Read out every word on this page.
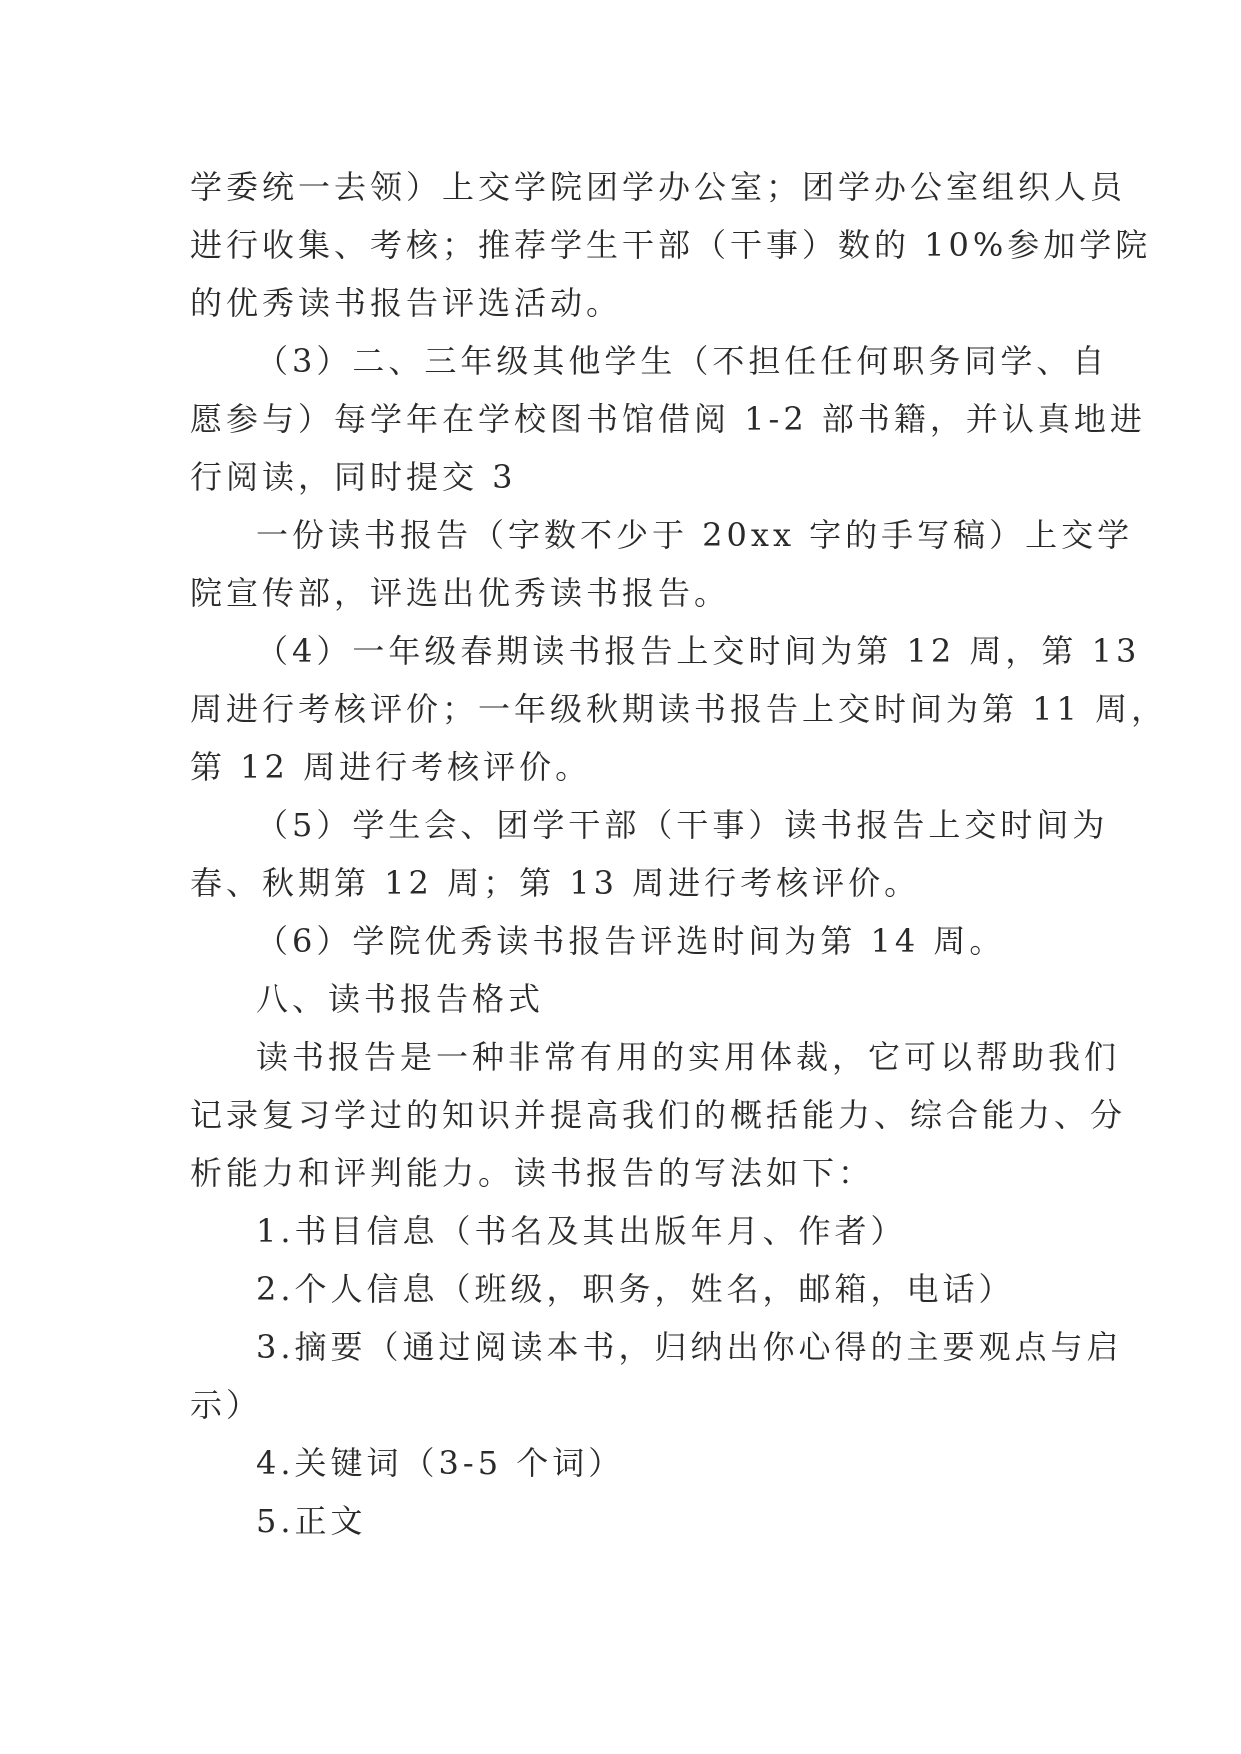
学委统一去领）上交学院团学办公室；团学办公室组织人员
进行收集、考核；推荐学生干部（干事）数的 10%参加学院
的优秀读书报告评选活动。
（3）二、三年级其他学生（不担任任何职务同学、自
愿参与）每学年在学校图书馆借阅 1-2 部书籍，并认真地进
行阅读，同时提交 3
一份读书报告（字数不少于 20xx 字的手写稿）上交学
院宣传部，评选出优秀读书报告。
（4）一年级春期读书报告上交时间为第 12 周，第 13
周进行考核评价；一年级秋期读书报告上交时间为第 11 周，
第 12 周进行考核评价。
（5）学生会、团学干部（干事）读书报告上交时间为
春、秋期第 12 周；第 13 周进行考核评价。
（6）学院优秀读书报告评选时间为第 14 周。
八、读书报告格式
读书报告是一种非常有用的实用体裁，它可以帮助我们
记录复习学过的知识并提高我们的概括能力、综合能力、分
析能力和评判能力。读书报告的写法如下：
1.书目信息（书名及其出版年月、作者）
2.个人信息（班级，职务，姓名，邮箱，电话）
3.摘要（通过阅读本书，归纳出你心得的主要观点与启
示）
4.关键词（3-5 个词）
5.正文
